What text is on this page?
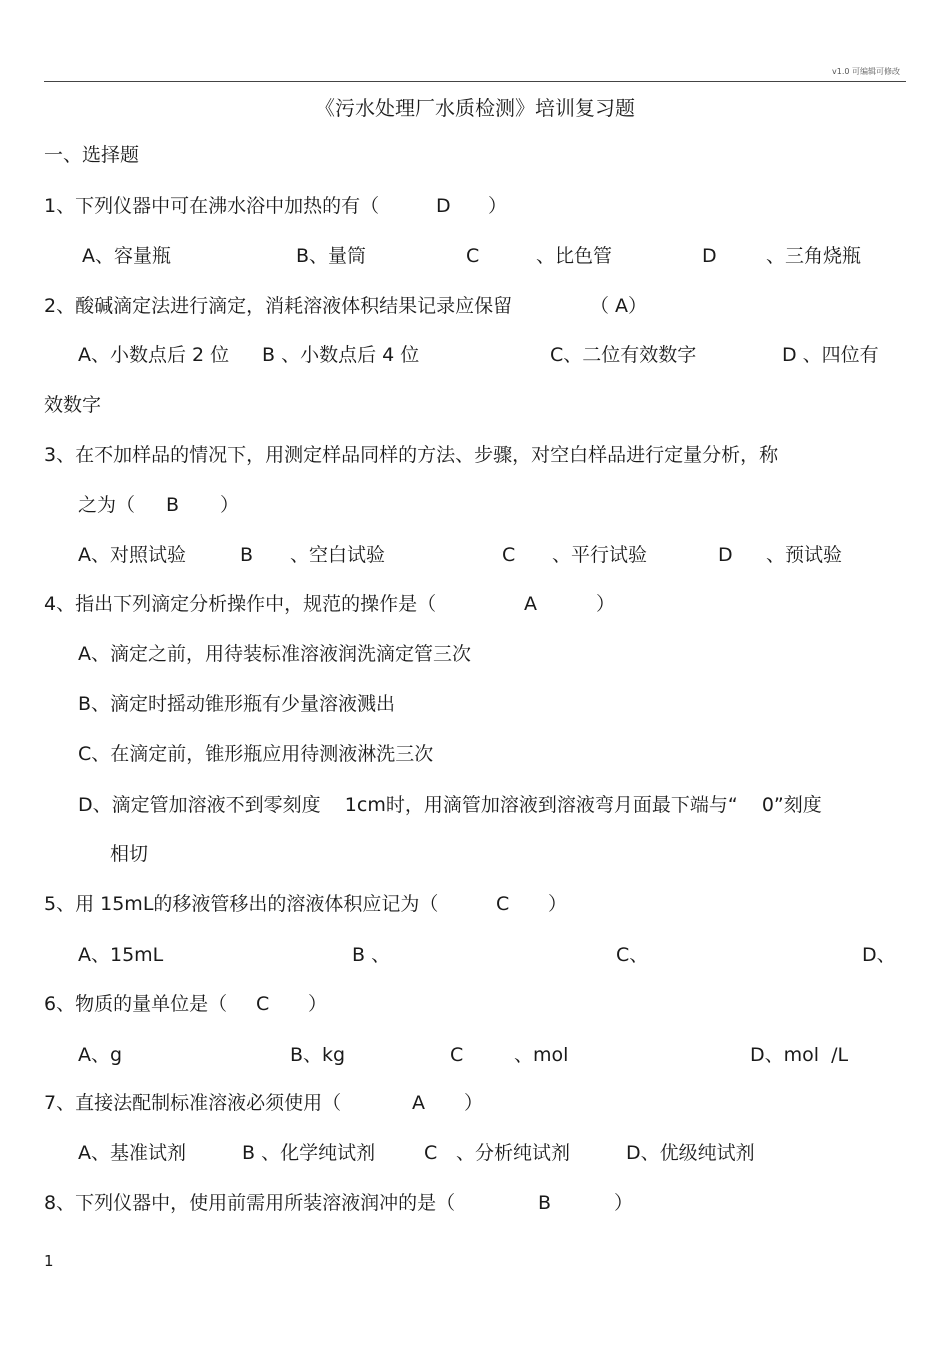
v1.0 可编辑可修改
《污水处理厂水质检测》培训复习题
一、选择题
1、下列仪器中可在沸水浴中加热的有（	D ）
A、容量瓶	B、量筒	C	、比色管	D	、三角烧瓶
2、酸碱滴定法进行滴定，消耗溶液体积结果记录应保留	（ A）
A、小数点后 2 位 B 、小数点后 4 位	C、二位有效数字	D 、四位有
效数字
3、在不加样品的情况下，用测定样品同样的方法、步骤，对空白样品进行定量分析，称
之为（ B ）
A、对照试验	B 、空白试验	C 、平行试验	D 、预试验
4、指出下列滴定分析操作中，规范的操作是（	A	）
A、滴定之前，用待装标准溶液润洗滴定管三次
B、滴定时摇动锥形瓶有少量溶液溅出
C、在滴定前，锥形瓶应用待测液淋洗三次
D、滴定管加溶液不到零刻度    1cm时，用滴管加溶液到溶液弯月面最下端与“    0”刻度
相切
5、用 15mL的移液管移出的溶液体积应记为（	C ）
A、15mL	B 、	C、	D、
6、物质的量单位是（ C ）
A、g	B、kg	C	、mol	D、mol  /L
7、直接法配制标准溶液必须使用（	A ）
A、基准试剂	B 、化学纯试剂	C 、分析纯试剂	D、优级纯试剂
8、下列仪器中，使用前需用所装溶液润冲的是（	B	）
1
